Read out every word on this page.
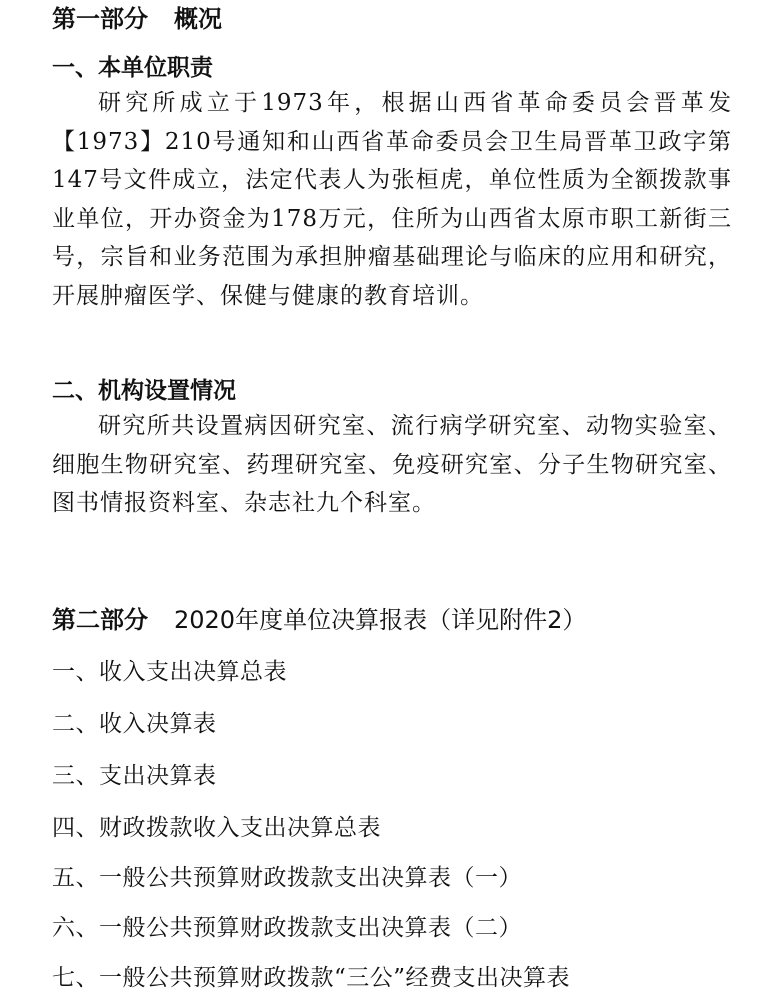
第一部分 概况
一、本单位职责

研究所成立于1973年，根据山西省革命委员会晋革发【1973】210号通知和山西省革命委员会卫生局晋革卫政字第147号文件成立，法定代表人为张桓虎，单位性质为全额拨款事业单位，开办资金为178万元，住所为山西省太原市职工新街三号，宗旨和业务范围为承担肿瘤基础理论与临床的应用和研究，开展肿瘤医学、保健与健康的教育培训。

二、机构设置情况

研究所共设置病因研究室、流行病学研究室、动物实验室、细胞生物研究室、药理研究室、免疫研究室、分子生物研究室、图书情报资料室、杂志社九个科室。

第二部分 2020年度单位决算报表（详见附件2）

一、收入支出决算总表

二、收入决算表

三、支出决算表

四、财政拨款收入支出决算总表

五、一般公共预算财政拨款支出决算表（一）

六、一般公共预算财政拨款支出决算表（二）

七、一般公共预算财政拨款“三公”经费支出决算表
